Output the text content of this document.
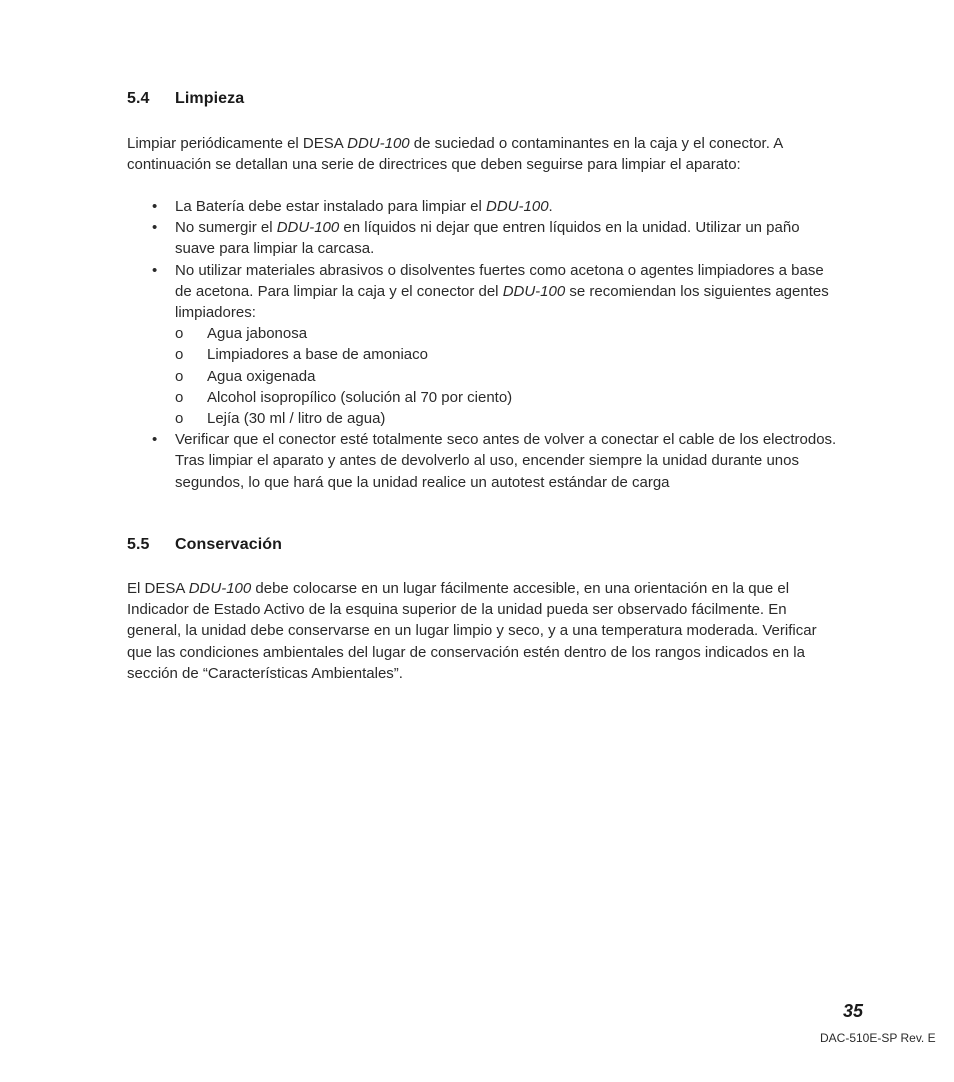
5.4 Limpieza

Limpiar periódicamente el DESA DDU-100 de suciedad o contaminantes en la caja y el conector. A continuación se detallan una serie de directrices que deben seguirse para limpiar el aparato:

• La Batería debe estar instalado para limpiar el DDU-100.
• No sumergir el DDU-100 en líquidos ni dejar que entren líquidos en la unidad. Utilizar un paño suave para limpiar la carcasa.
• No utilizar materiales abrasivos o disolventes fuertes como acetona o agentes limpiadores a base de acetona. Para limpiar la caja y el conector del DDU-100 se recomiendan los siguientes agentes limpiadores:
o Agua jabonosa
o Limpiadores a base de amoniaco
o Agua oxigenada
o Alcohol isopropílico (solución al 70 por ciento)
o Lejía (30 ml / litro de agua)
• Verificar que el conector esté totalmente seco antes de volver a conectar el cable de los electrodos. Tras limpiar el aparato y antes de devolverlo al uso, encender siempre la unidad durante unos segundos, lo que hará que la unidad realice un autotest estándar de carga
5.5 Conservación

El DESA DDU-100 debe colocarse en un lugar fácilmente accesible, en una orientación en la que el Indicador de Estado Activo de la esquina superior de la unidad pueda ser observado fácilmente. En general, la unidad debe conservarse en un lugar limpio y seco, y a una temperatura moderada. Verificar que las condiciones ambientales del lugar de conservación estén dentro de los rangos indicados en la sección de “Características Ambientales”.

35
DAC-510E-SP Rev. E
